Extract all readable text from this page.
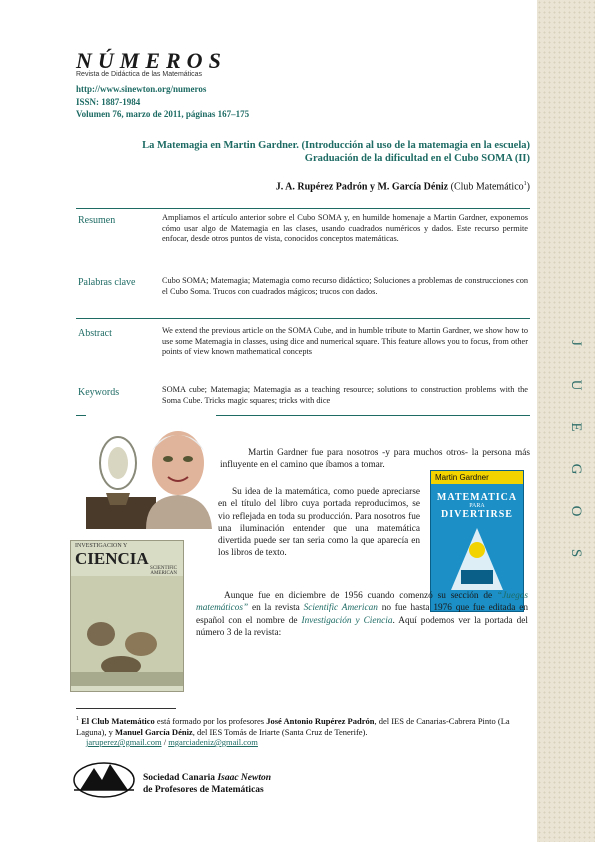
J
U
E
G
O
S
NÚMEROS
Revista de Didáctica de las Matemáticas
http://www.sinewton.org/numeros
ISSN: 1887-1984
Volumen 76, marzo de 2011, páginas 167–175
La Matemagia en Martin Gardner. (Introducción al uso de la matemagia en la escuela)
Graduación de la dificultad en el Cubo SOMA (II)
J. A. Rupérez Padrón y M. García Déniz (Club Matemático$^1$)
Resumen	Ampliamos el artículo anterior sobre el Cubo SOMA y, en humilde homenaje a Martin Gardner, exponemos cómo usar algo de Matemagia en las clases, usando cuadrados numéricos y dados. Este recurso permite enfocar, desde otros puntos de vista, conocidos conceptos matemáticas.
Palabras clave	Cubo SOMA; Matemagia; Matemagia como recurso didáctico; Soluciones a problemas de construcciones con el Cubo Soma. Trucos con cuadrados mágicos; trucos con dados.
Abstract	We extend the previous article on the SOMA Cube, and in humble tribute to Martin Gardner, we show how to use some Matemagia in classes, using dice and numerical square. This feature allows you to focus, from other points of view known mathematical concepts
Keywords	SOMA cube; Matemagia; Matemagia as a teaching resource; solutions to construction problems with the Soma Cube. Tricks magic squares; tricks with dice
Martin Gardner
MATEMATICA
PARA
DIVERTIRSE
INVESTIGACION Y
CIENCIA
SCIENTIFIC
AMERICAN
Martin Gardner fue para nosotros -y para muchos otros- la persona más influyente en el camino que íbamos a tomar.
Su idea de la matemática, como puede apreciarse en el título del libro cuya portada reproducimos, se vio reflejada en toda su producción. Para nosotros fue una iluminación entender que una matemática divertida puede ser tan seria como la que aparecía en los libros de texto.
Aunque fue en diciembre de 1956 cuando comenzó su sección de “Juegos matemáticos” en la revista Scientific American no fue hasta 1976 que fue editada en español con el nombre de Investigación y Ciencia. Aquí podemos ver la portada del número 3 de la revista:
$^1$ El Club Matemático está formado por los profesores José Antonio Rupérez Padrón, del IES de Canarias-Cabrera Pinto (La Laguna), y Manuel García Déniz, del IES Tomás de Iriarte (Santa Cruz de Tenerife).
jaruperez@gmail.com / mgarciadeniz@gmail.com
Sociedad Canaria Isaac Newton
de Profesores de Matemáticas
